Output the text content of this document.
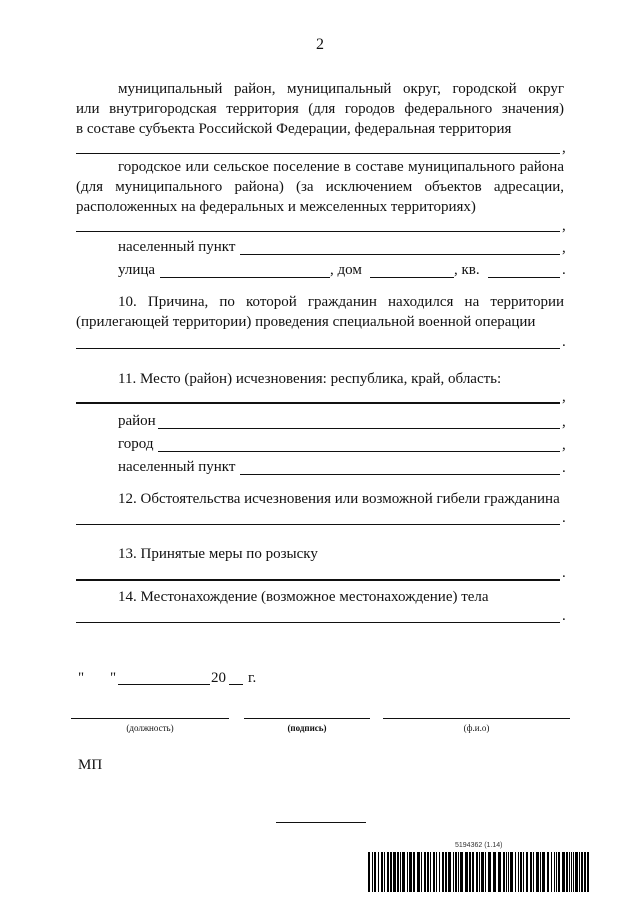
2
муниципальный район, муниципальный округ, городской округ
или внутригородская территория (для городов федерального значения)
в составе субъекта Российской Федерации, федеральная территория
,
городское или сельское поселение в составе муниципального района
(для муниципального района) (за исключением объектов адресации,
расположенных на федеральных и межселенных территориях)
,
населенный пункт	,
улица	, дом	, кв.	.
10. Причина, по которой гражданин находился на территории
(прилегающей территории) проведения специальной военной операции
.
11. Место (район) исчезновения: республика, край, область:
,
район	,
город	,
населенный пункт	.
12. Обстоятельства исчезновения или возможной гибели гражданина
.
13. Принятые меры по розыску
.
14. Местонахождение (возможное местонахождение) тела
.
" "	20 г.
(должность)	(подпись)	(ф.и.о)
МП
5194362 (1.14)
